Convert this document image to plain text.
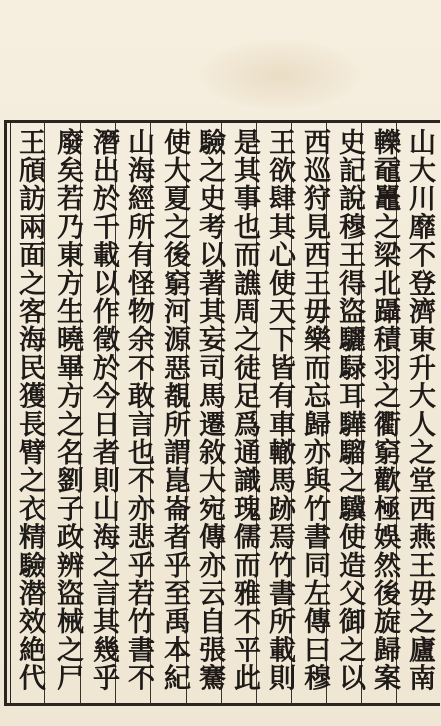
山大川靡不登濟東升大人之堂西燕王毋之廬南
轢黿鼉之梁北躡積羽之衢窮歡極娛然後旋歸案
史記說穆王得盜驪騄耳驊騮之驥使造父御之以
西巡狩見西王毋樂而忘歸亦與竹書同左傳曰穆
王欲肆其心使天下皆有車轍馬跡焉竹書所載則
是其事也而譙周之徒足爲通識瑰儒而雅不平此
驗之史考以著其妄司馬遷敘大宛傳亦云自張騫
使大夏之後窮河源惡覩所謂崑崙者乎至禹本紀
山海經所有怪物余不敢言也不亦悲乎若竹書不
潛出於千載以作徵於今日者則山海之言其幾乎
廢矣若乃東方生曉畢方之名劉子政辨盜械之尸
王頎訪兩面之客海民獲長臂之衣精驗潜效絶代
